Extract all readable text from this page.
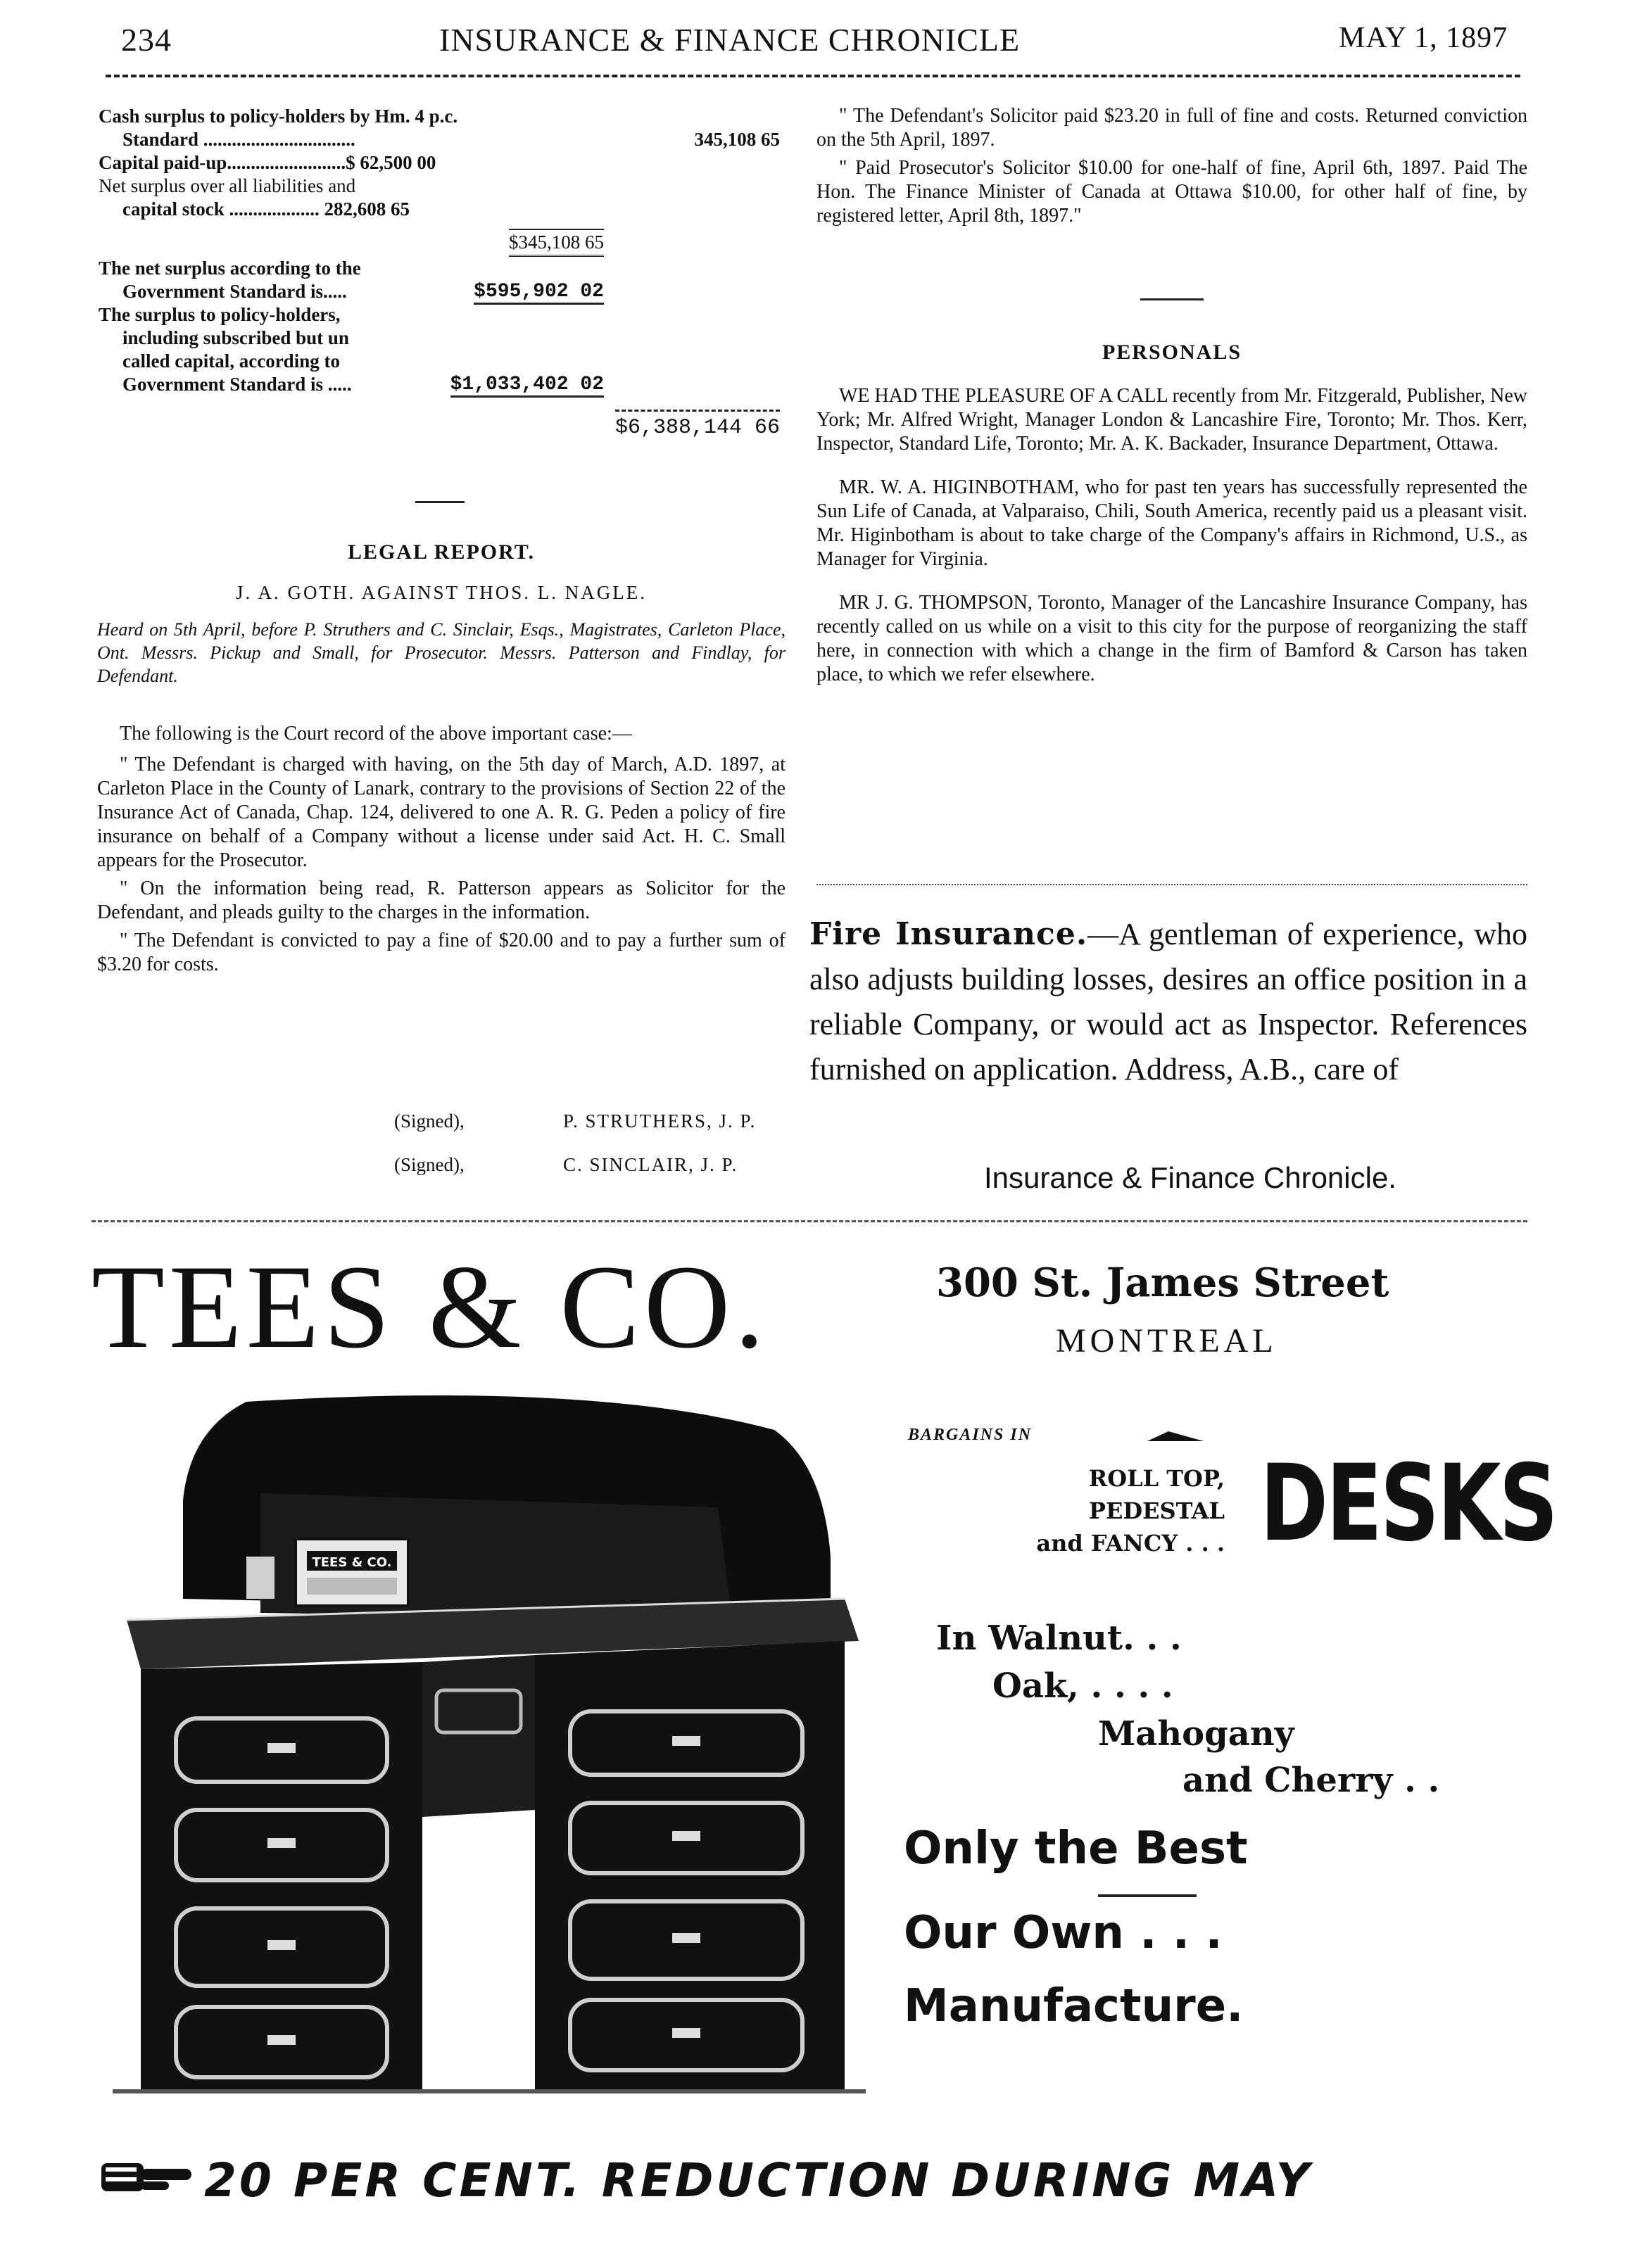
234	INSURANCE & FINANCE CHRONICLE	MAY 1, 1897
Cash surplus to policy-holders by Hm. 4 p.c.
Standard ................................	345,108 65
Capital paid-up.........................$ 62,500 00
Net surplus over all liabilities and
capital stock ................... 282,608 65
$345,108 65
The net surplus according to the
Government Standard is.....	$595,902 02
The surplus to policy-holders,
including subscribed but un
called capital, according to
Government Standard is .....	$1,033,402 02
$6,388,144 66
LEGAL REPORT.
J. A. GOTH. AGAINST THOS. L. NAGLE.
Heard on 5th April, before P. Struthers and C. Sinclair, Esqs., Magistrates, Carleton Place, Ont. Messrs. Pickup and Small, for Prosecutor. Messrs. Patterson and Findlay, for Defendant.

The following is the Court record of the above important case:—

" The Defendant is charged with having, on the 5th day of March, A.D. 1897, at Carleton Place in the County of Lanark, contrary to the provisions of Section 22 of the Insurance Act of Canada, Chap. 124, delivered to one A. R. G. Peden a policy of fire insurance on behalf of a Company without a license under said Act. H. C. Small appears for the Prosecutor.

" On the information being read, R. Patterson appears as Solicitor for the Defendant, and pleads guilty to the charges in the information.

" The Defendant is convicted to pay a fine of $20.00 and to pay a further sum of $3.20 for costs.

(Signed),	P. STRUTHERS, J. P.
(Signed),	C. SINCLAIR, J. P.

" The Defendant's Solicitor paid $23.20 in full of fine and costs. Returned conviction on the 5th April, 1897.

" Paid Prosecutor's Solicitor $10.00 for one-half of fine, April 6th, 1897. Paid The Hon. The Finance Minister of Canada at Ottawa $10.00, for other half of fine, by registered letter, April 8th, 1897."

PERSONALS

WE HAD THE PLEASURE OF A CALL recently from Mr. Fitzgerald, Publisher, New York; Mr. Alfred Wright, Manager London & Lancashire Fire, Toronto; Mr. Thos. Kerr, Inspector, Standard Life, Toronto; Mr. A. K. Backader, Insurance Department, Ottawa.

MR. W. A. HIGINBOTHAM, who for past ten years has successfully represented the Sun Life of Canada, at Valparaiso, Chili, South America, recently paid us a pleasant visit. Mr. Higinbotham is about to take charge of the Company's affairs in Richmond, U.S., as Manager for Virginia.

MR J. G. THOMPSON, Toronto, Manager of the Lancashire Insurance Company, has recently called on us while on a visit to this city for the purpose of reorganizing the staff here, in connection with which a change in the firm of Bamford & Carson has taken place, to which we refer elsewhere.

Fire Insurance.—A gentleman of experience, who also adjusts building losses, desires an office position in a reliable Company, or would act as Inspector. References furnished on application. Address, A.B., care of
Insurance & Finance Chronicle.
TEES & CO.	300 St. James Street
MONTREAL
BARGAINS IN
ROLL TOP,
PEDESTAL
and FANCY . . . DESKS
TEES & CO.
In Walnut. . .
Oak, . . . .
Mahogany
and Cherry . .
Only the Best
Our Own . . .
Manufacture.
20 PER CENT. REDUCTION DURING MAY
